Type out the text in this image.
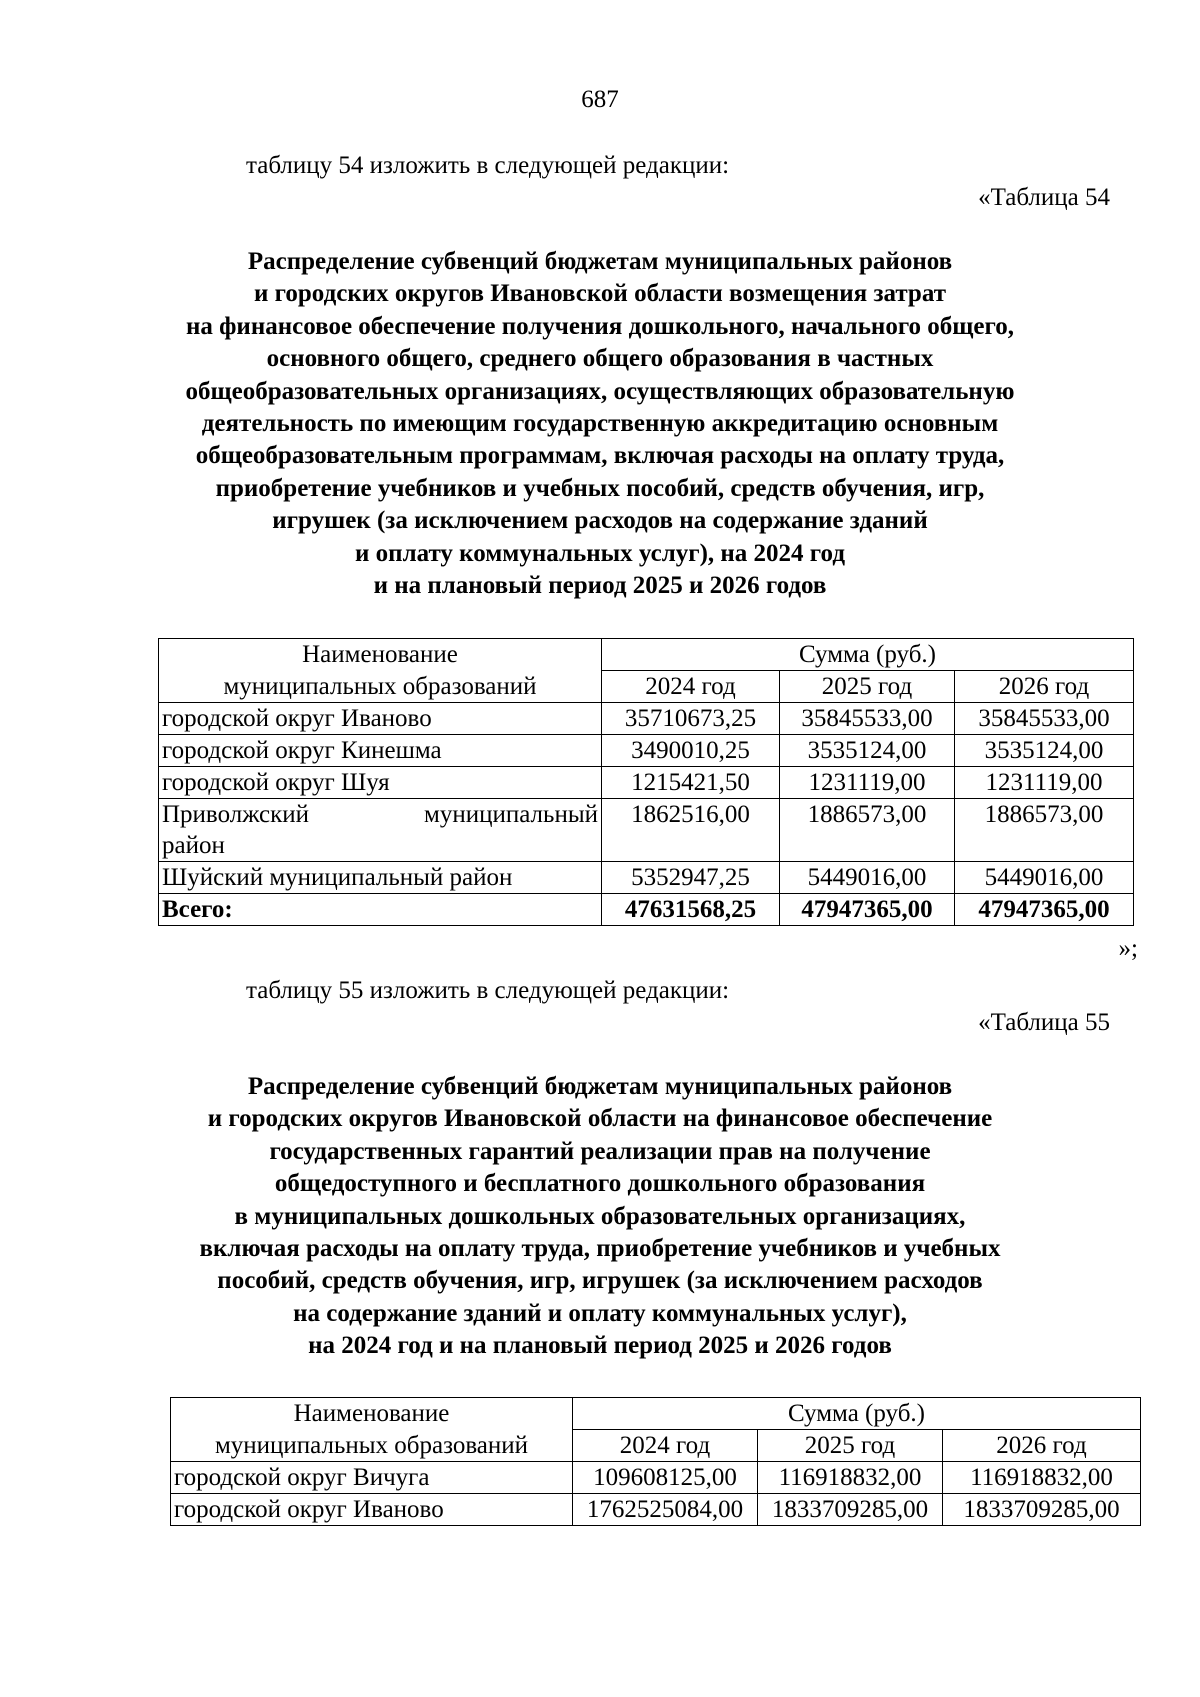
687
таблицу 54 изложить в следующей редакции:
«Таблица 54
Распределение субвенций бюджетам муниципальных районов
и городских округов Ивановской области возмещения затрат
на финансовое обеспечение получения дошкольного, начального общего,
основного общего, среднего общего образования в частных
общеобразовательных организациях, осуществляющих образовательную
деятельность по имеющим государственную аккредитацию основным
общеобразовательным программам, включая расходы на оплату труда,
приобретение учебников и учебных пособий, средств обучения, игр,
игрушек (за исключением расходов на содержание зданий
и оплату коммунальных услуг), на 2024 год
и на плановый период 2025 и 2026 годов
Наименование	Сумма (руб.)		
муниципальных образований	2024 год	2025 год	2026 год
городской округ Иваново	35710673,25	35845533,00	35845533,00
городской округ Кинешма	3490010,25	3535124,00	3535124,00
городской округ Шуя	1215421,50	1231119,00	1231119,00

Приволжский муниципальный
район	1862516,00	1886573,00	1886573,00
Шуйский муниципальный район	5352947,25	5449016,00	5449016,00
Всего:	47631568,25	47947365,00	47947365,00
»;
таблицу 55 изложить в следующей редакции:
«Таблица 55
Распределение субвенций бюджетам муниципальных районов
и городских округов Ивановской области на финансовое обеспечение
государственных гарантий реализации прав на получение
общедоступного и бесплатного дошкольного образования
в муниципальных дошкольных образовательных организациях,
включая расходы на оплату труда, приобретение учебников и учебных
пособий, средств обучения, игр, игрушек (за исключением расходов
на содержание зданий и оплату коммунальных услуг),
на 2024 год и на плановый период 2025 и 2026 годов
Наименование	Сумма (руб.)		
муниципальных образований	2024 год	2025 год	2026 год
городской округ Вичуга	109608125,00	116918832,00	116918832,00
городской округ Иваново	1762525084,00	1833709285,00	1833709285,00
